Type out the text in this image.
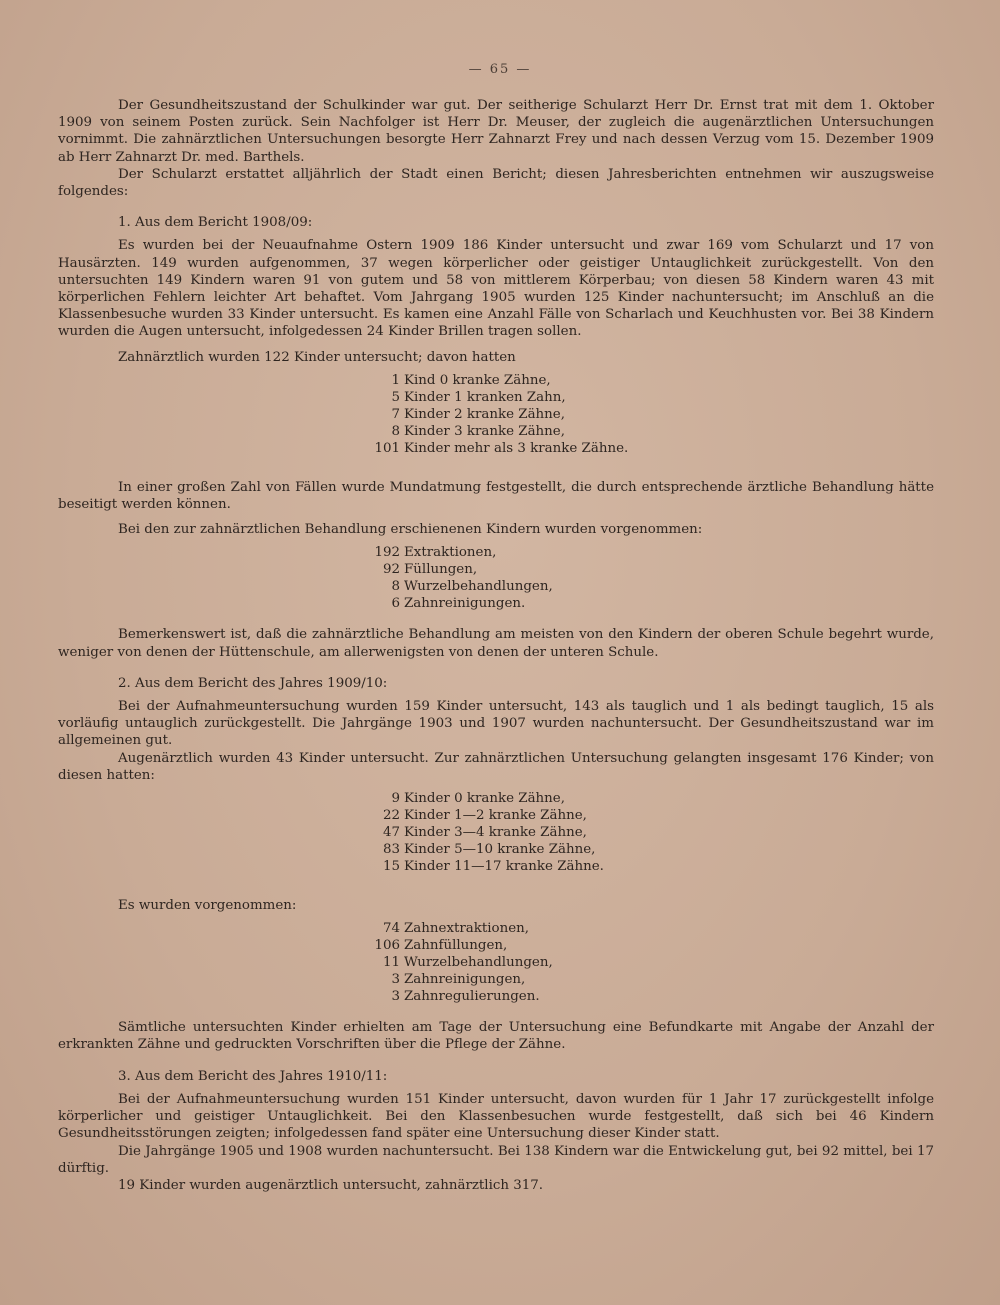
— 65 —

Der Gesundheitszustand der Schulkinder war gut. Der seitherige Schularzt Herr Dr. Ernst trat mit dem 1. Oktober 1909 von seinem Posten zurück. Sein Nachfolger ist Herr Dr. Meuser, der zugleich die augenärztlichen Untersuchungen vornimmt. Die zahnärztlichen Untersuchungen besorgte Herr Zahnarzt Frey und nach dessen Verzug vom 15. Dezember 1909 ab Herr Zahnarzt Dr. med. Barthels.

Der Schularzt erstattet alljährlich der Stadt einen Bericht; diesen Jahresberichten entnehmen wir auszugsweise folgendes:

1. Aus dem Bericht 1908/09:

Es wurden bei der Neuaufnahme Ostern 1909 186 Kinder untersucht und zwar 169 vom Schularzt und 17 von Hausärzten. 149 wurden aufgenommen, 37 wegen körperlicher oder geistiger Untauglichkeit zurückgestellt. Von den untersuchten 149 Kindern waren 91 von gutem und 58 von mittlerem Körperbau; von diesen 58 Kindern waren 43 mit körperlichen Fehlern leichter Art behaftet. Vom Jahrgang 1905 wurden 125 Kinder nachuntersucht; im Anschluß an die Klassenbesuche wurden 33 Kinder untersucht. Es kamen eine Anzahl Fälle von Scharlach und Keuchhusten vor. Bei 38 Kindern wurden die Augen untersucht, infolgedessen 24 Kinder Brillen tragen sollen.

Zahnärztlich wurden 122 Kinder untersucht; davon hatten

1 Kind 0 kranke Zähne,
5 Kinder 1 kranken Zahn,
7 Kinder 2 kranke Zähne,
8 Kinder 3 kranke Zähne,
101 Kinder mehr als 3 kranke Zähne.

In einer großen Zahl von Fällen wurde Mundatmung festgestellt, die durch entsprechende ärztliche Behandlung hätte beseitigt werden können.

Bei den zur zahnärztlichen Behandlung erschienenen Kindern wurden vorgenommen:

192 Extraktionen,
92 Füllungen,
8 Wurzelbehandlungen,
6 Zahnreinigungen.

Bemerkenswert ist, daß die zahnärztliche Behandlung am meisten von den Kindern der oberen Schule begehrt wurde, weniger von denen der Hüttenschule, am allerwenigsten von denen der unteren Schule.

2. Aus dem Bericht des Jahres 1909/10:

Bei der Aufnahmeuntersuchung wurden 159 Kinder untersucht, 143 als tauglich und 1 als bedingt tauglich, 15 als vorläufig untauglich zurückgestellt. Die Jahrgänge 1903 und 1907 wurden nachuntersucht. Der Gesundheitszustand war im allgemeinen gut.

Augenärztlich wurden 43 Kinder untersucht. Zur zahnärztlichen Untersuchung gelangten insgesamt 176 Kinder; von diesen hatten:

9 Kinder 0 kranke Zähne,
22 Kinder 1—2 kranke Zähne,
47 Kinder 3—4 kranke Zähne,
83 Kinder 5—10 kranke Zähne,
15 Kinder 11—17 kranke Zähne.

Es wurden vorgenommen:

74 Zahnextraktionen,
106 Zahnfüllungen,
11 Wurzelbehandlungen,
3 Zahnreinigungen,
3 Zahnregulierungen.

Sämtliche untersuchten Kinder erhielten am Tage der Untersuchung eine Befundkarte mit Angabe der Anzahl der erkrankten Zähne und gedruckten Vorschriften über die Pflege der Zähne.

3. Aus dem Bericht des Jahres 1910/11:

Bei der Aufnahmeuntersuchung wurden 151 Kinder untersucht, davon wurden für 1 Jahr 17 zurückgestellt infolge körperlicher und geistiger Untauglichkeit. Bei den Klassenbesuchen wurde festgestellt, daß sich bei 46 Kindern Gesundheitsstörungen zeigten; infolgedessen fand später eine Untersuchung dieser Kinder statt.

Die Jahrgänge 1905 und 1908 wurden nachuntersucht. Bei 138 Kindern war die Entwickelung gut, bei 92 mittel, bei 17 dürftig.

19 Kinder wurden augenärztlich untersucht, zahnärztlich 317.
